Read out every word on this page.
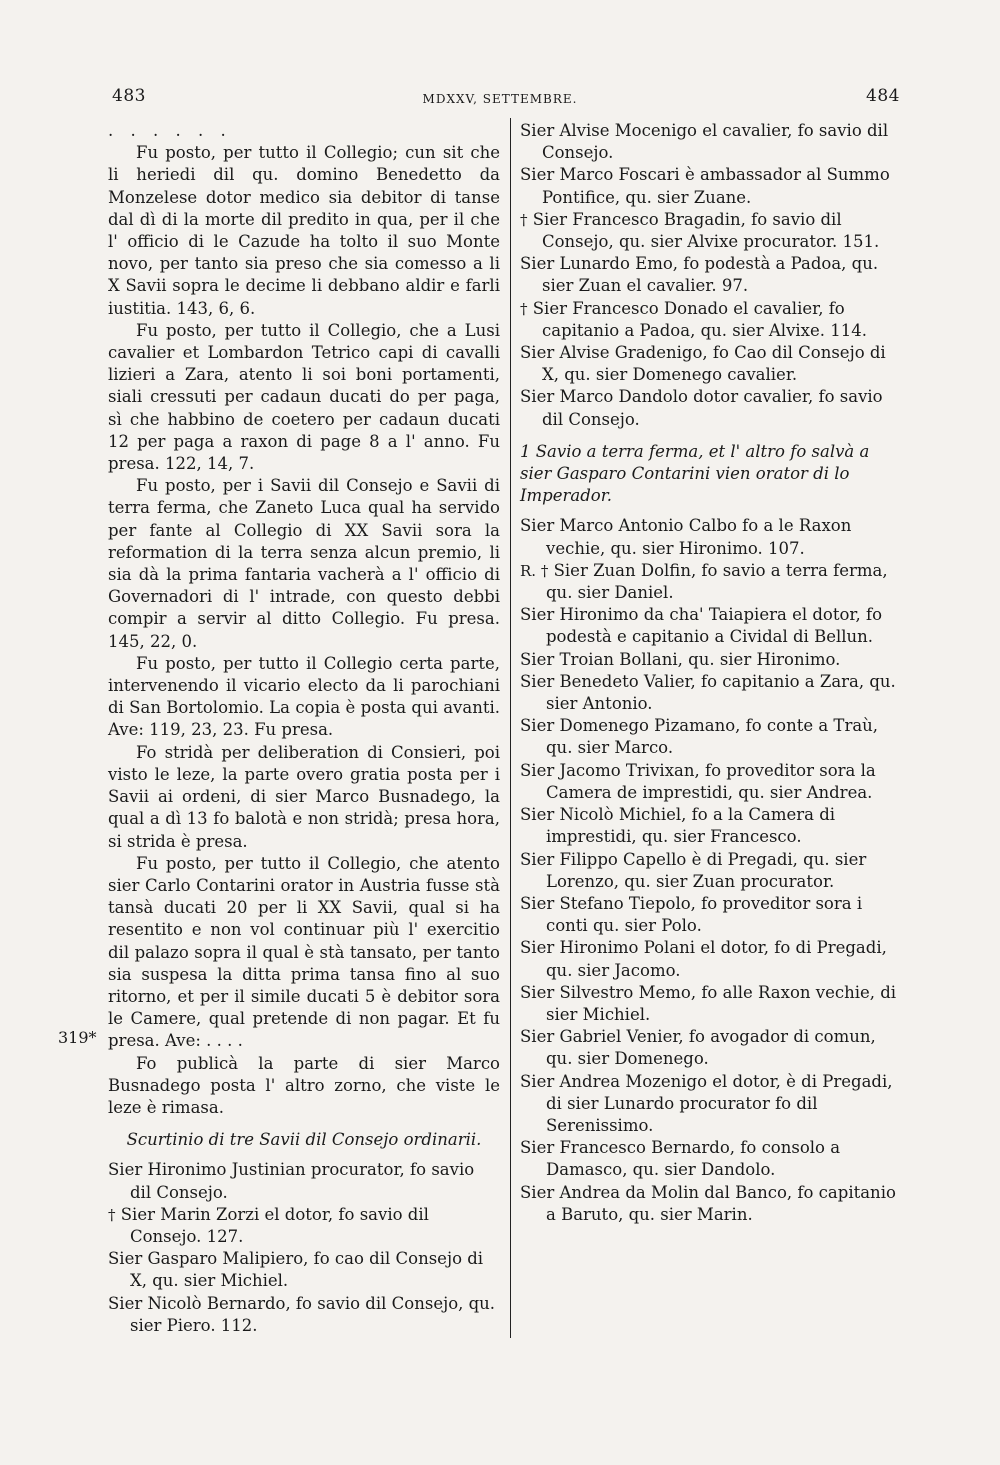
483	MDXXV, SETTEMBRE.	484

. . . . . .

Fu posto, per tutto il Collegio; cun sit che li heriedi dil qu. domino Benedetto da Monzelese dotor medico sia debitor di tanse dal dì di la morte dil predito in qua, per il che l' officio di le Cazude ha tolto il suo Monte novo, per tanto sia preso che sia comesso a li X Savii sopra le decime li debbano aldir e farli iustitia. 143, 6, 6.

Fu posto, per tutto il Collegio, che a Lusi cavalier et Lombardon Tetrico capi di cavalli lizieri a Zara, atento li soi boni portamenti, siali cressuti per cadaun ducati do per paga, sì che habbino de coetero per cadaun ducati 12 per paga a raxon di page 8 a l' anno. Fu presa. 122, 14, 7.

Fu posto, per i Savii dil Consejo e Savii di terra ferma, che Zaneto Luca qual ha servido per fante al Collegio di XX Savii sora la reformation di la terra senza alcun premio, li sia dà la prima fantaria vacherà a l' officio di Governadori di l' intrade, con questo debbi compir a servir al ditto Collegio. Fu presa. 145, 22, 0.

Fu posto, per tutto il Collegio certa parte, intervenendo il vicario electo da li parochiani di San Bortolomio. La copia è posta qui avanti. Ave: 119, 23, 23. Fu presa.

Fo stridà per deliberation di Consieri, poi visto le leze, la parte overo gratia posta per i Savii ai ordeni, di sier Marco Busnadego, la qual a dì 13 fo balotà e non stridà; presa hora, si strida è presa.

Fu posto, per tutto il Collegio, che atento sier Carlo Contarini orator in Austria fusse stà tansà ducati 20 per li XX Savii, qual si ha resentito e non vol continuar più l' exercitio dil palazo sopra il qual è stà tansato, per tanto sia suspesa la ditta prima tansa fino al suo ritorno, et per il simile ducati 5 è debitor sora le Camere, qual pretende di non pagar. Et fu presa. Ave: . . . .

Fo publicà la parte di sier Marco Busnadego posta l' altro zorno, che viste le leze è rimasa.

Scurtinio di tre Savii dil Consejo ordinarii.

Sier Hironimo Justinian procurator, fo savio dil Consejo.

† Sier Marin Zorzi el dotor, fo savio dil Consejo. 127.

Sier Gasparo Malipiero, fo cao dil Consejo di X, qu. sier Michiel.

Sier Nicolò Bernardo, fo savio dil Consejo, qu. sier Piero. 112.

319*

Sier Alvise Mocenigo el cavalier, fo savio dil Consejo.

Sier Marco Foscari è ambassador al Summo Pontifice, qu. sier Zuane.

† Sier Francesco Bragadin, fo savio dil Consejo, qu. sier Alvixe procurator. 151.

Sier Lunardo Emo, fo podestà a Padoa, qu. sier Zuan el cavalier. 97.

† Sier Francesco Donado el cavalier, fo capitanio a Padoa, qu. sier Alvixe. 114.

Sier Alvise Gradenigo, fo Cao dil Consejo di X, qu. sier Domenego cavalier.

Sier Marco Dandolo dotor cavalier, fo savio dil Consejo.

1 Savio a terra ferma, et l' altro fo salvà a sier Gasparo Contarini vien orator di lo Imperador.

Sier Marco Antonio Calbo fo a le Raxon vechie, qu. sier Hironimo. 107.

R. † Sier Zuan Dolfin, fo savio a terra ferma, qu. sier Daniel.

Sier Hironimo da cha' Taiapiera el dotor, fo podestà e capitanio a Cividal di Bellun.

Sier Troian Bollani, qu. sier Hironimo.

Sier Benedeto Valier, fo capitanio a Zara, qu. sier Antonio.

Sier Domenego Pizamano, fo conte a Traù, qu. sier Marco.

Sier Jacomo Trivixan, fo proveditor sora la Camera de imprestidi, qu. sier Andrea.

Sier Nicolò Michiel, fo a la Camera di imprestidi, qu. sier Francesco.

Sier Filippo Capello è di Pregadi, qu. sier Lorenzo, qu. sier Zuan procurator.

Sier Stefano Tiepolo, fo proveditor sora i conti qu. sier Polo.

Sier Hironimo Polani el dotor, fo di Pregadi, qu. sier Jacomo.

Sier Silvestro Memo, fo alle Raxon vechie, di sier Michiel.

Sier Gabriel Venier, fo avogador di comun, qu. sier Domenego.

Sier Andrea Mozenigo el dotor, è di Pregadi, di sier Lunardo procurator fo dil Serenissimo.

Sier Francesco Bernardo, fo consolo a Damasco, qu. sier Dandolo.

Sier Andrea da Molin dal Banco, fo capitanio a Baruto, qu. sier Marin.
